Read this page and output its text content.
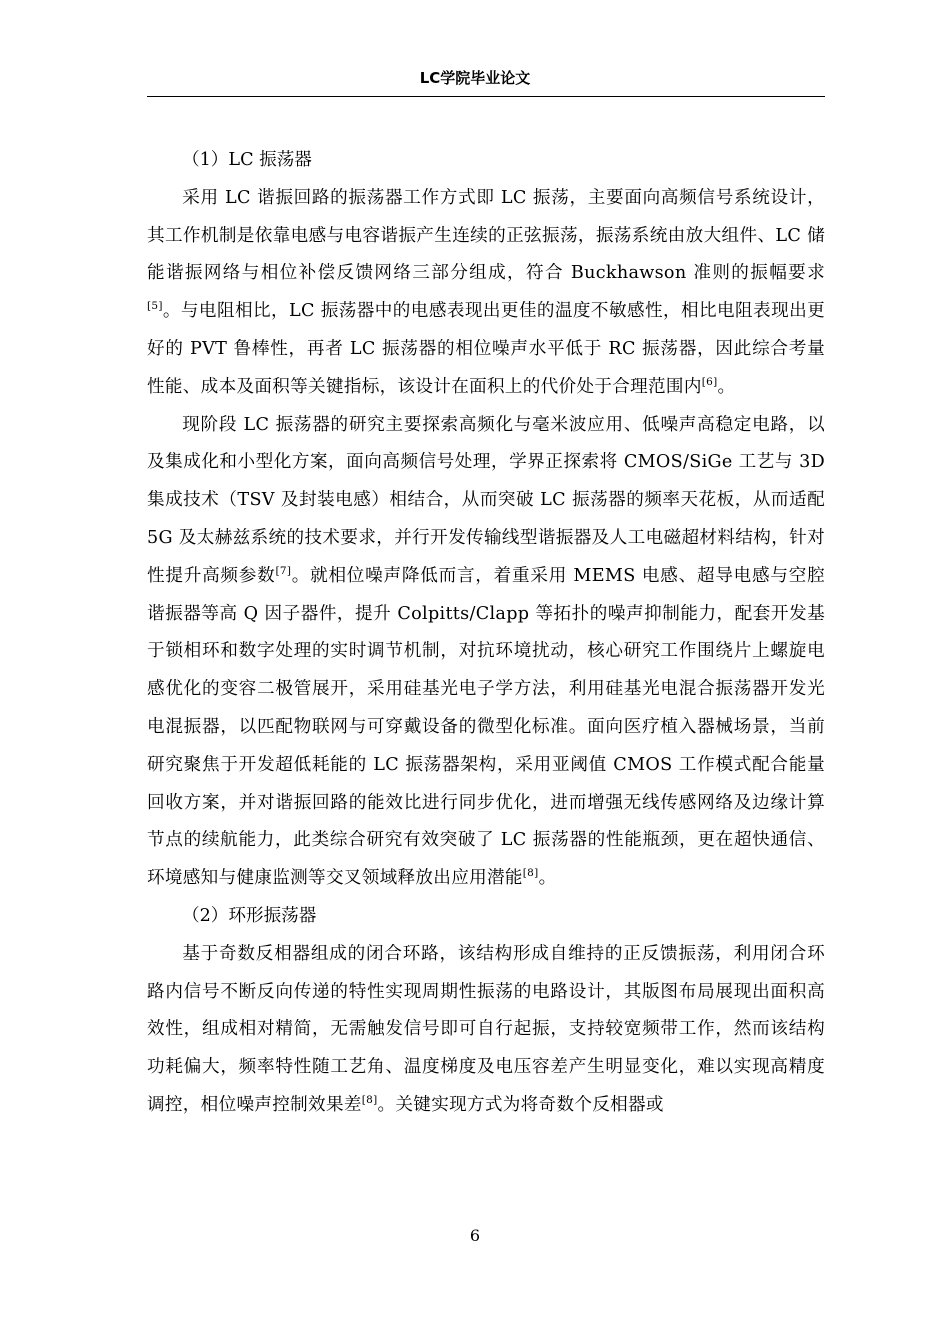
LC学院毕业论文
（1）LC 振荡器

采用 LC 谐振回路的振荡器工作方式即 LC 振荡，主要面向高频信号系统设计，其工作机制是依靠电感与电容谐振产生连续的正弦振荡，振荡系统由放大组件、LC 储能谐振网络与相位补偿反馈网络三部分组成，符合 Buckhawson 准则的振幅要求[5]。与电阻相比，LC 振荡器中的电感表现出更佳的温度不敏感性，相比电阻表现出更好的 PVT 鲁棒性，再者 LC 振荡器的相位噪声水平低于 RC 振荡器，因此综合考量性能、成本及面积等关键指标，该设计在面积上的代价处于合理范围内[6]。

现阶段 LC 振荡器的研究主要探索高频化与毫米波应用、低噪声高稳定电路，以及集成化和小型化方案，面向高频信号处理，学界正探索将 CMOS/SiGe 工艺与 3D 集成技术（TSV 及封装电感）相结合，从而突破 LC 振荡器的频率天花板，从而适配 5G 及太赫兹系统的技术要求，并行开发传输线型谐振器及人工电磁超材料结构，针对性提升高频参数[7]。就相位噪声降低而言，着重采用 MEMS 电感、超导电感与空腔谐振器等高 Q 因子器件，提升 Colpitts/Clapp 等拓扑的噪声抑制能力，配套开发基于锁相环和数字处理的实时调节机制，对抗环境扰动，核心研究工作围绕片上螺旋电感优化的变容二极管展开，采用硅基光电子学方法，利用硅基光电混合振荡器开发光电混振器，以匹配物联网与可穿戴设备的微型化标准。面向医疗植入器械场景，当前研究聚焦于开发超低耗能的 LC 振荡器架构，采用亚阈值 CMOS 工作模式配合能量回收方案，并对谐振回路的能效比进行同步优化，进而增强无线传感网络及边缘计算节点的续航能力，此类综合研究有效突破了 LC 振荡器的性能瓶颈，更在超快通信、环境感知与健康监测等交叉领域释放出应用潜能[8]。

（2）环形振荡器

基于奇数反相器组成的闭合环路，该结构形成自维持的正反馈振荡，利用闭合环路内信号不断反向传递的特性实现周期性振荡的电路设计，其版图布局展现出面积高效性，组成相对精简，无需触发信号即可自行起振，支持较宽频带工作，然而该结构功耗偏大，频率特性随工艺角、温度梯度及电压容差产生明显变化，难以实现高精度调控，相位噪声控制效果差[8]。关键实现方式为将奇数个反相器或

6
